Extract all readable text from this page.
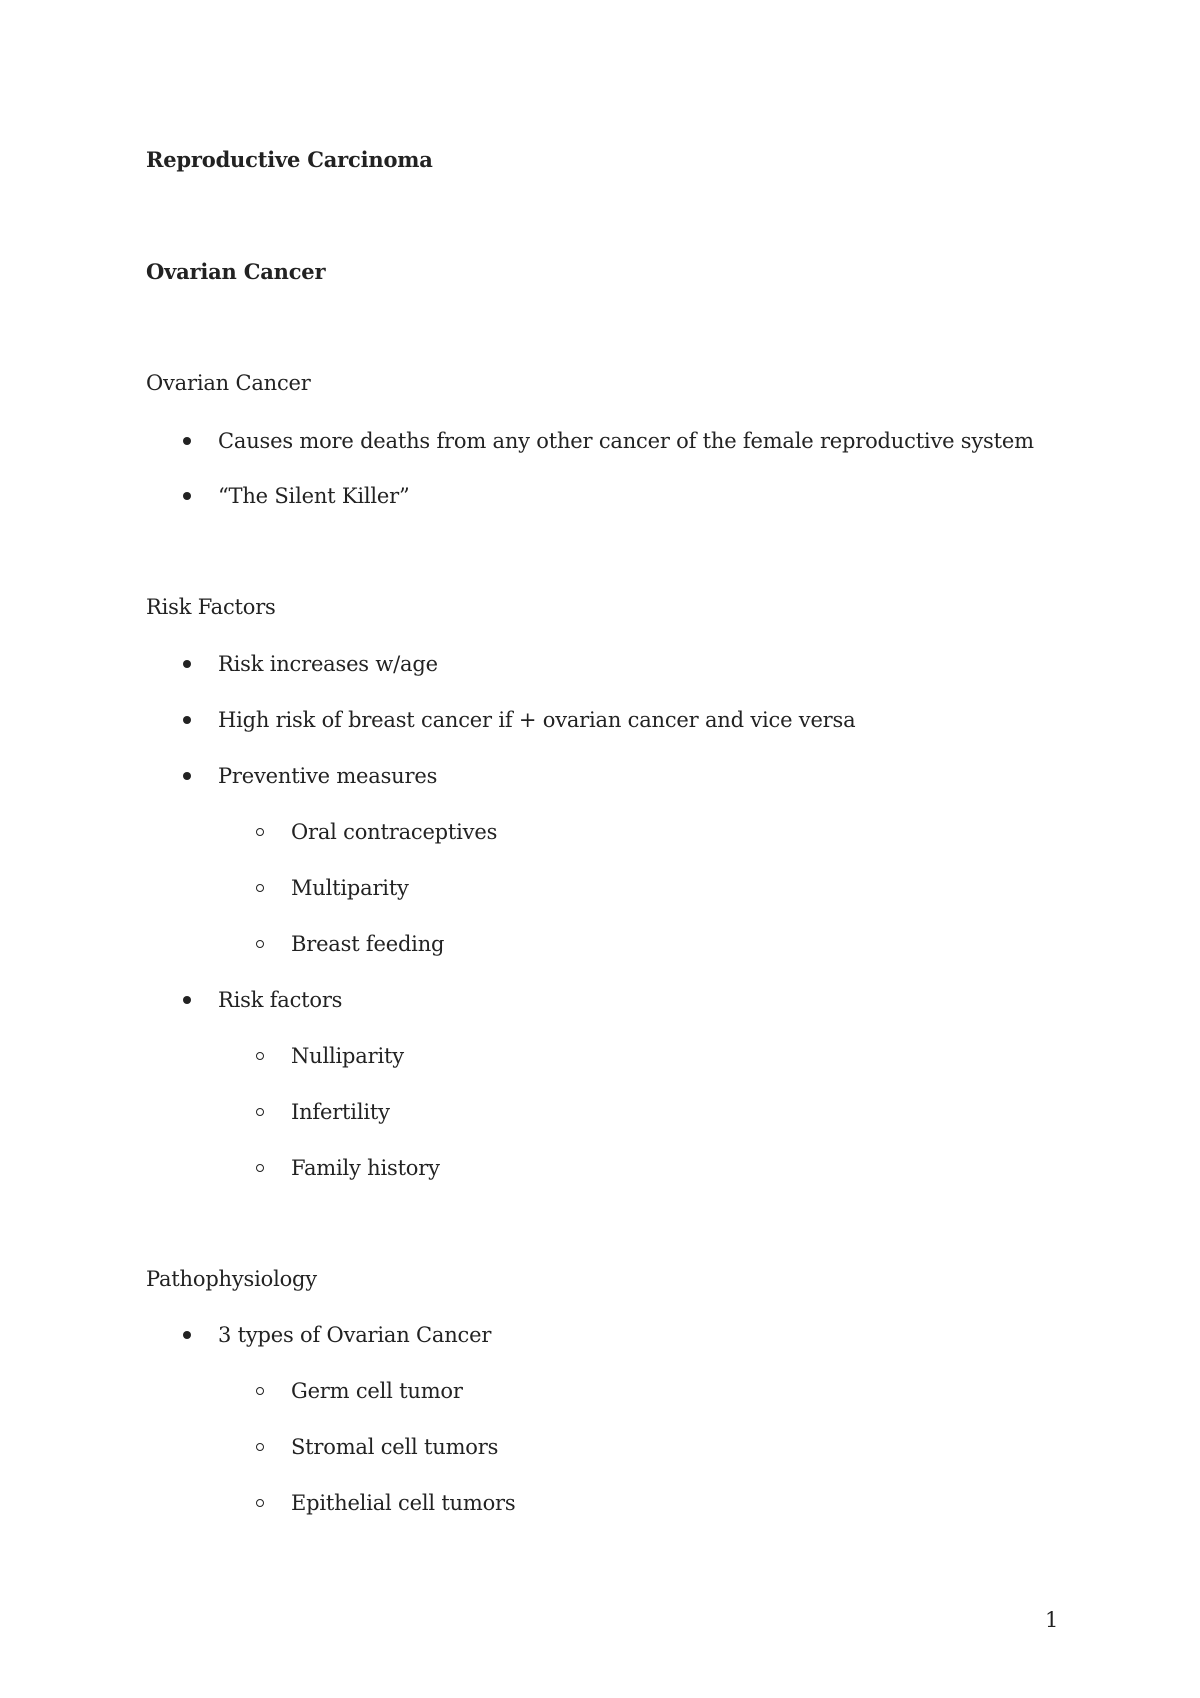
Reproductive Carcinoma
Ovarian Cancer
Ovarian Cancer
Causes more deaths from any other cancer of the female reproductive system
“The Silent Killer”
Risk Factors
Risk increases w/age
High risk of breast cancer if + ovarian cancer and vice versa
Preventive measures
Oral contraceptives
Multiparity
Breast feeding
Risk factors
Nulliparity
Infertility
Family history
Pathophysiology
3 types of Ovarian Cancer
Germ cell tumor
Stromal cell tumors
Epithelial cell tumors
1
